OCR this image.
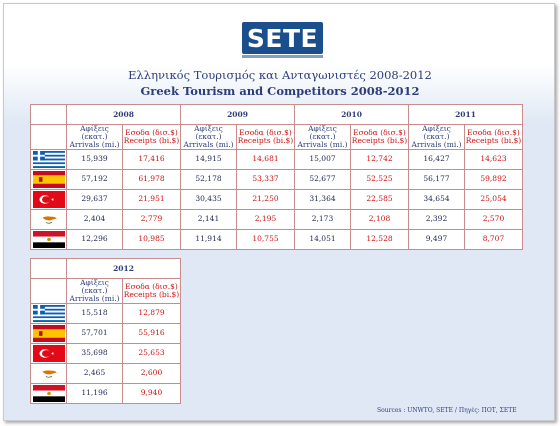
SETE
Ελληνικός Τουρισμός και Ανταγωνιστές 2008-2012
Greek Tourism and Competitors 2008-2012
	2008		2009		2010		2011	
	Αφίξεις (εκατ.) Arrivals (mi.)	Εσοδα (δισ.$) Receipts (bi.$)	Αφίξεις (εκατ.) Arrivals (mi.)	Εσοδα (δισ.$) Receipts (bi.$)	Αφίξεις (εκατ.) Arrivals (mi.)	Εσοδα (δισ.$) Receipts (bi.$)	Αφίξεις (εκατ.) Arrivals (mi.)	Εσοδα (δισ.$) Receipts (bi.$)

	15,939	17,416	14,915	14,681	15,007	12,742	16,427	14,623

	57,192	61,978	52,178	53,337	52,677	52,525	56,177	59,892

	29,637	21,951	30,435	21,250	31,364	22,585	34,654	25,054

	2,404	2,779	2,141	2,195	2,173	2,108	2,392	2,570

	12,296	10,985	11,914	10,755	14,051	12,528	9,497	8,707
	2012	
	Αφίξεις (εκατ.) Arrivals (mi.)	Εσοδα (δισ.$) Receipts (bi.$)

	15,518	12,879

	57,701	55,916

	35,698	25,653

	2,465	2,600

	11,196	9,940
Sources : UNWTO, SETE / Πηγές: ΠΟΤ, ΣΕΤΕ
